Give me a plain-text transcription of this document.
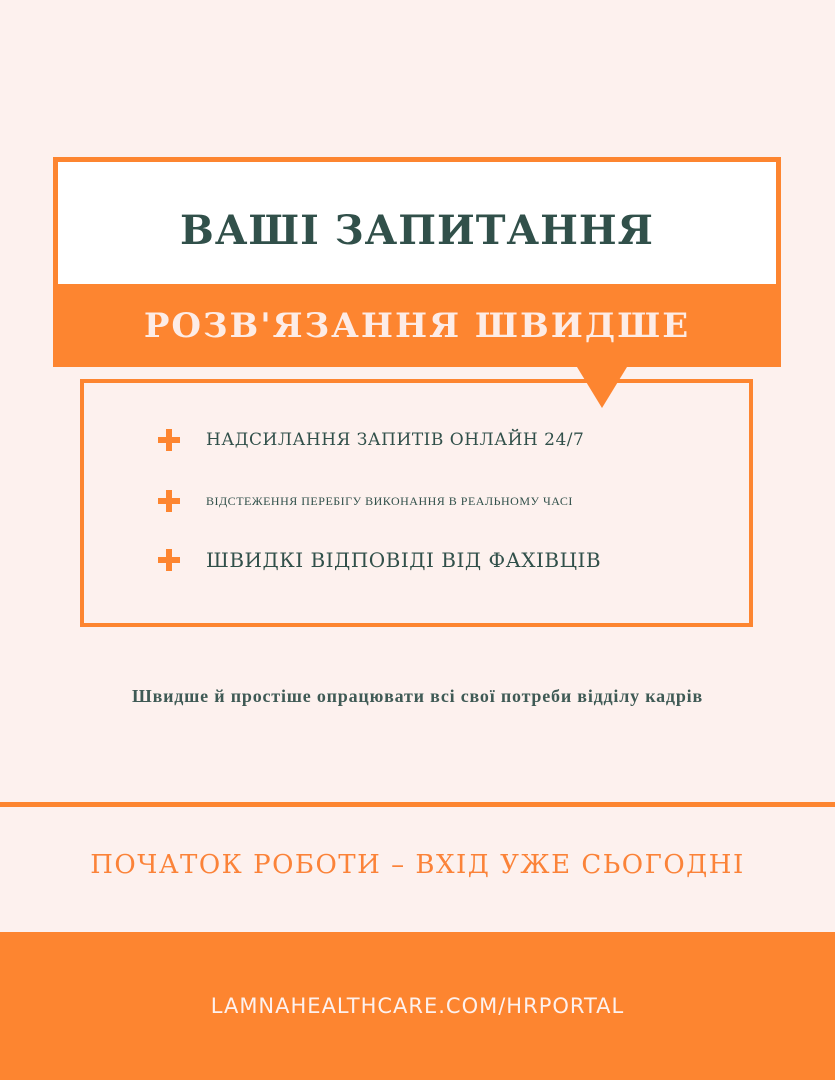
ВАШІ ЗАПИТАННЯ
РОЗВ'ЯЗАННЯ ШВИДШЕ
НАДСИЛАННЯ ЗАПИТІВ ОНЛАЙН 24/7
ВІДСТЕЖЕННЯ ПЕРЕБІГУ ВИКОНАННЯ В РЕАЛЬНОМУ ЧАСІ
ШВИДКІ ВІДПОВІДІ ВІД ФАХІВЦІВ

Швидше й простіше опрацювати всі свої потреби відділу кадрів

ПОЧАТОК РОБОТИ – ВХІД УЖЕ СЬОГОДНІ

LAMNAHEALTHCARE.COM/HRPORTAL
